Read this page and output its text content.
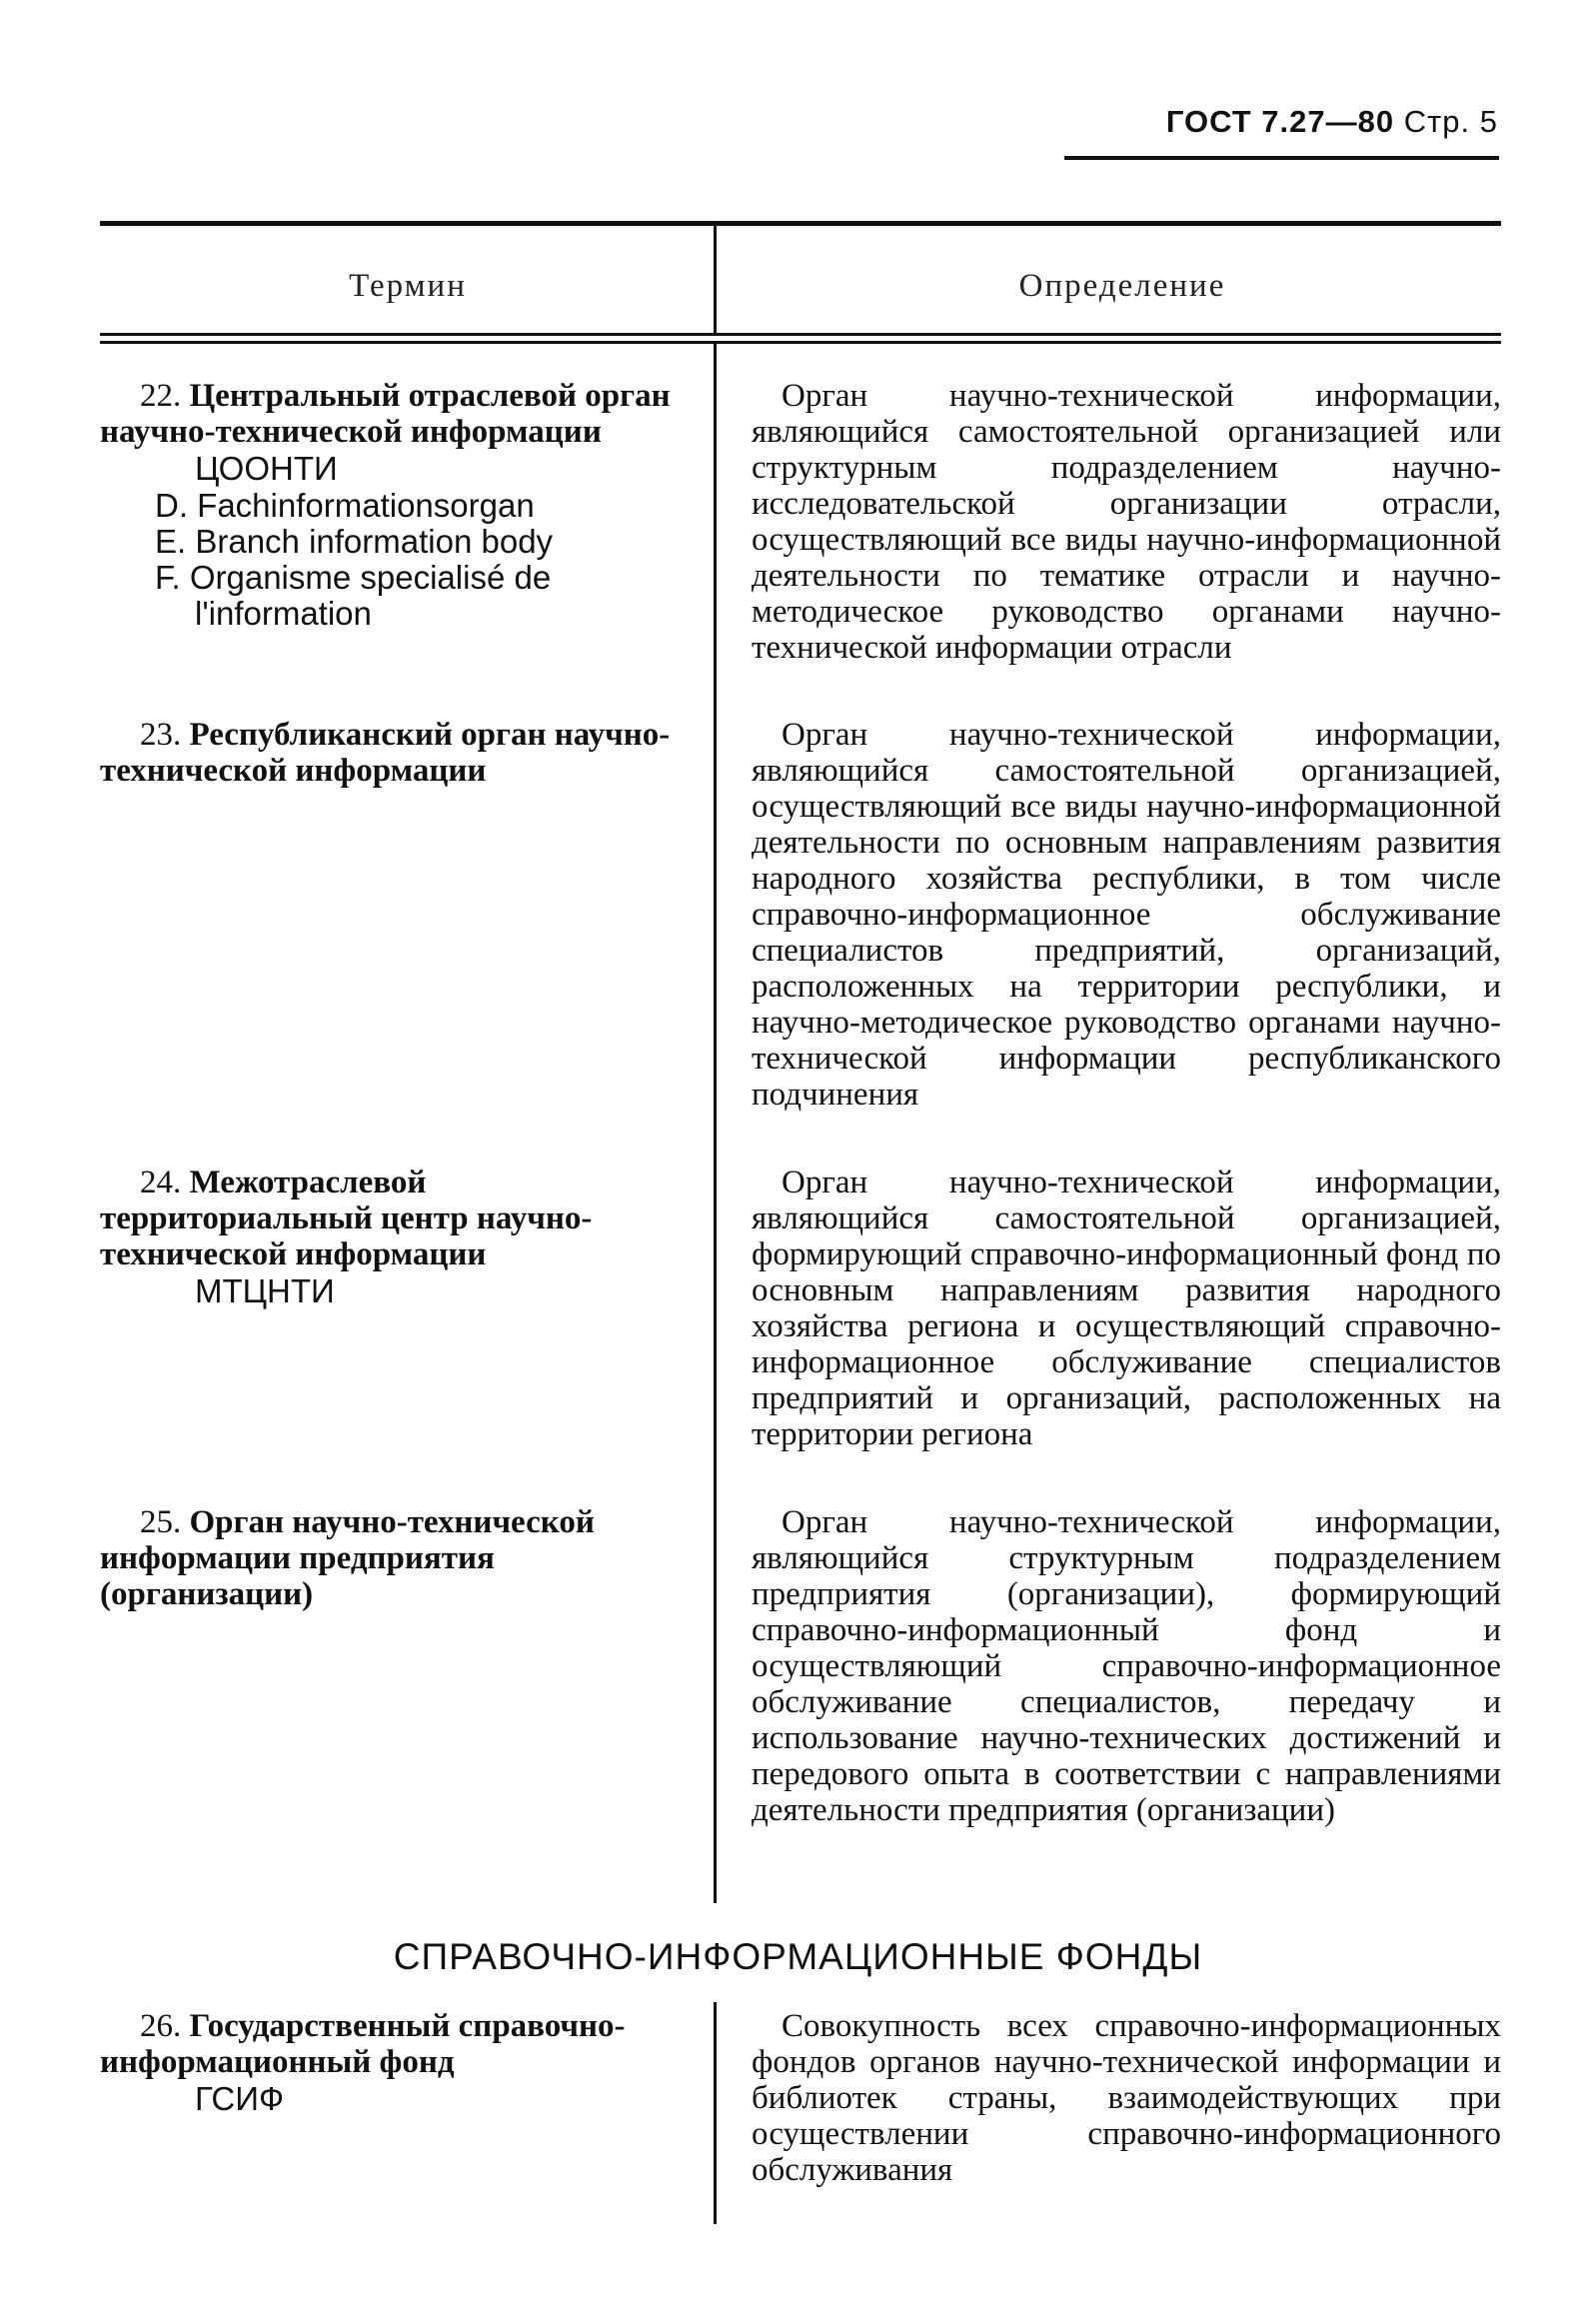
ГОСТ 7.27—80 Стр. 5
Термин	Определение
22. Центральный отраслевой орган научно-технической информации
ЦООНТИ
D. Fachinformationsorgan
E. Branch information body
F. Organisme specialisé de l'information
Орган научно-технической информации, являющийся самостоятельной организацией или структурным подразделением научно-исследовательской организации отрасли, осуществляющий все виды научно-информационной деятельности по тематике отрасли и научно-методическое руководство органами научно-технической информации отрасли
23. Республиканский орган научно-технической информации
Орган научно-технической информации, являющийся самостоятельной организацией, осуществляющий все виды научно-информационной деятельности по основным направлениям развития народного хозяйства республики, в том числе справочно-информационное обслуживание специалистов предприятий, организаций, расположенных на территории республики, и научно-методическое руководство органами научно-технической информации республиканского подчинения
24. Межотраслевой территориальный центр научно-технической информации
МТЦНТИ
Орган научно-технической информации, являющийся самостоятельной организацией, формирующий справочно-информационный фонд по основным направлениям развития народного хозяйства региона и осуществляющий справочно-информационное обслуживание специалистов предприятий и организаций, расположенных на территории региона
25. Орган научно-технической информации предприятия (организации)
Орган научно-технической информации, являющийся структурным подразделением предприятия (организации), формирующий справочно-информационный фонд и осуществляющий справочно-информационное обслуживание специалистов, передачу и использование научно-технических достижений и передового опыта в соответствии с направлениями деятельности предприятия (организации)
СПРАВОЧНО-ИНФОРМАЦИОННЫЕ ФОНДЫ
26. Государственный справочно-информационный фонд
ГСИФ
Совокупность всех справочно-информационных фондов органов научно-технической информации и библиотек страны, взаимодействующих при осуществлении справочно-информационного обслуживания
